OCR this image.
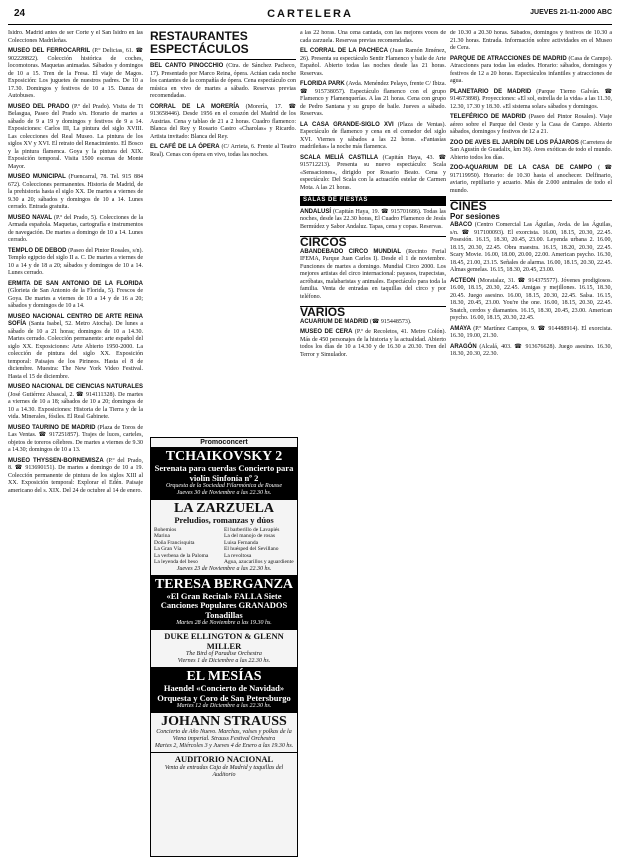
24	CARTELERA	JUEVES 21-11-2000 ABC
Isidro. Madrid antes de ser Corte y el San Isidro en las Colecciones Madrileñas.
MUSEO DEL FERROCARRIL (P.º Delicias, 61. ☎ 902228822). Colección histórica de coches, locomotoras. Maquetas animadas. Sábados y domingos de 10 a 15. Tren de la Fresa. El viaje de Magos. Exposición: Los juguetes de nuestros padres. De 10 a 17.30. Domingos y festivos de 10 a 15. Danza de Autobuses.
MUSEO DEL PRADO (P.º del Prado). Visita de Tt Belasgua, Paseo del Prado s/n. Horario de martes a sábado de 9 a 19 y domingos y festivos de 9 a 14. Exposiciones: Carlos III, La pintura del siglo XVIII. Las colecciones del Real Museo. La pintura de los siglos XV y XVI. El retrato del Renacimiento. El Bosco y la pintura flamenca. Goya y la pintura del XIX. Exposición temporal. Visita 1500 escenas de Monte Mayor.
MUSEO MUNICIPAL (Fuencarral, 78. Tel. 915 884 672). Colecciones permanentes. Historia de Madrid, de la prehistoria hasta el siglo XX. De martes a viernes de 9.30 a 20; sábados y domingos de 10 a 14. Lunes cerrado. Entrada gratuita.
MUSEO NAVAL (P.º del Prado, 5). Colecciones de la Armada española. Maquetas, cartografía e instrumentos de navegación. De martes a domingo de 10 a 14. Lunes cerrado.
TEMPLO DE DEBOD (Paseo del Pintor Rosales, s/n). Templo egipcio del siglo II a. C. De martes a viernes de 10 a 14 y de 18 a 20; sábados y domingos de 10 a 14. Lunes cerrado.
ERMITA DE SAN ANTONIO DE LA FLORIDA (Glorieta de San Antonio de la Florida, 5). Frescos de Goya. De martes a viernes de 10 a 14 y de 16 a 20; sábados y domingos de 10 a 14.
MUSEO NACIONAL CENTRO DE ARTE REINA SOFÍA (Santa Isabel, 52. Metro Atocha). De lunes a sábado de 10 a 21 horas; domingos de 10 a 14.30. Martes cerrado. Colección permanente: arte español del siglo XX. Exposiciones: Arte Abierto 1950-2000. La colección de pintura del siglo XX. Exposición temporal: Paisajes de los Pirineos. Hasta el 8 de diciembre. Muestra: The New York Video Festival. Hasta el 15 de diciembre.
MUSEO NACIONAL DE CIENCIAS NATURALES (José Gutiérrez Abascal, 2. ☎ 914111328). De martes a viernes de 10 a 18; sábados de 10 a 20; domingos de 10 a 14.30. Exposiciones: Historia de la Tierra y de la vida. Minerales, fósiles. El Real Gabinete.
MUSEO TAURINO DE MADRID (Plaza de Toros de Las Ventas. ☎ 917251857). Trajes de luces, carteles, objetos de toreros célebres. De martes a viernes de 9.30 a 14.30; domingos de 10 a 13.
MUSEO THYSSEN-BORNEMISZA (P.º del Prado, 8. ☎ 913690151). De martes a domingo de 10 a 19. Colección permanente de pintura de los siglos XIII al XX. Exposición temporal: Explorar el Edén. Paisaje americano del s. XIX. Del 24 de octubre al 14 de enero.
RESTAURANTES
ESPECTÁCULOS
BEL CANTO PINOCCHIO (Ctra. de Sánchez Pacheco, 17). Presentado por Marco Reina, ópera. Actúan cada noche los cantantes de la compañía de ópera. Cena espectáculo con música en vivo de martes a sábado. Reservas previas recomendadas.
CORRAL DE LA MORERÍA (Morería, 17. ☎ 913658446). Desde 1956 en el corazón del Madrid de los Austrias. Cena y tablao de 21 a 2 horas. Cuadro flamenco: Blanca del Rey y Rosario Castro «Charolas» y Ricardo. Artista invitado: Blanca del Rey.
EL CAFÉ DE LA ÓPERA (C/ Arrieta, 6. Frente al Teatro Real). Cenas con ópera en vivo, todas las noches.
Promoconcert
TCHAIKOVSKY 2
Serenata para cuerdas Concierto para violín Sinfonía nº 2
Orquesta de la Sociedad Filarmónica de Rousse
Jueves 30 de Noviembre a las 22.30 hs.
LA ZARZUELA
Preludios, romanzas y dúos
Bohemios	El barberillo de Lavapiés
Marina	La del manojo de rosas
Doña Francisquita	Luisa Fernanda
La Gran Vía	El huésped del Sevillano
La verbena de la Paloma	La revoltosa
La leyenda del beso	Agua, azucarillos y aguardiente
Jueves 23 de Noviembre a las 22.30 hs.
TERESA BERGANZA
«El Gran Recital» FALLA Siete Canciones Populares GRANADOS Tonadillas
Martes 28 de Noviembre a las 19.30 hs.
DUKE ELLINGTON & GLENN MILLER
The Bird of Paradise Orchestra
Viernes 1 de Diciembre a las 22.30 hs.
EL MESÍAS
Haendel «Concierto de Navidad» Orquesta y Coro de San Petersburgo
Martes 12 de Diciembre a las 22.30 hs.
JOHANN STRAUSS
Concierto de Año Nuevo. Marchas, valses y polkas de la Viena imperial. Strauss Festival Orchestra
Martes 2, Miércoles 3 y Jueves 4 de Enero a las 19.30 hs.
AUDITORIO NACIONAL
Venta de entradas Caja de Madrid y taquillas del Auditorio
a las 22 horas. Una cena cantada, con las mejores voces de cada zarzuela. Reservas previas recomendadas.
EL CORRAL DE LA PACHECA (Juan Ramón Jiménez, 26). Presenta su espectáculo Sentir Flamenco y baile de Arte Español. Abierto todas las noches desde las 21 horas. Reservas.
FLORIDA PARK (Avda. Menéndez Pelayo, frente C/ Ibiza. ☎ 915738057). Espectáculo flamenco con el grupo Flamenco y Flamenquerías. A las 21 horas. Cena con grupo de Pedro Santana y su grupo de baile. Jueves a sábado. Reservas.
LA CASA GRANDE-SIGLO XVI (Plaza de Ventas). Espectáculo de flamenco y cena en el comedor del siglo XVI. Viernes y sábados a las 22 horas. «Fantasías madrileñas» la noche más flamenca.
SCALA MELIÁ CASTILLA (Capitán Haya, 43. ☎ 915712213). Presenta su nuevo espectáculo: Scala «Sensaciones», dirigido por Rosario Beato. Cena y espectáculo: Del Scala con la actuación estelar de Carmen Mota. A las 21 horas.
SALAS DE FIESTAS
ANDALUSÍ (Capitán Haya, 19. ☎ 915701686). Todas las noches, desde las 22.30 horas, El Cuadro Flamenco de Jesús Bermúdez y Sabor Andaluz. Tapas, cena y copas. Reservas.
CIRCOS
ABANDEBADO CIRCO MUNDIAL (Recinto Ferial IFEMA, Parque Juan Carlos I). Desde el 1 de noviembre. Funciones de martes a domingo. Mundial Circo 2000. Los mejores artistas del circo internacional: payasos, trapecistas, acróbatas, malabaristas y animales. Espectáculo para toda la familia. Venta de entradas en taquillas del circo y por teléfono.
VARIOS
ACUARIUM DE MADRID (☎ 915448573).
MUSEO DE CERA (P.º de Recoletos, 41. Metro Colón). Más de 450 personajes de la historia y la actualidad. Abierto todos los días de 10 a 14.30 y de 16.30 a 20.30. Tren del Terror y Simulador.
de 10.30 a 20.30 horas. Sábados, domingos y festivos de 10.30 a 21.30 horas. Entrada. Información sobre actividades en el Museo de Cera.
PARQUE DE ATRACCIONES DE MADRID (Casa de Campo). Atracciones para todas las edades. Horario: sábados, domingos y festivos de 12 a 20 horas. Espectáculos infantiles y atracciones de agua.
PLANETARIO DE MADRID (Parque Tierno Galván. ☎ 914673898). Proyecciones: «El sol, estrella de la vida» a las 11.30, 12.30, 17.30 y 18.30. «El sistema solar» sábados y domingos.
TELEFÉRICO DE MADRID (Paseo del Pintor Rosales). Viaje aéreo sobre el Parque del Oeste y la Casa de Campo. Abierto sábados, domingos y festivos de 12 a 21.
ZOO DE AVES EL JARDÍN DE LOS PÁJAROS (Carretera de San Agustín de Guadalix, km 36). Aves exóticas de todo el mundo. Abierto todos los días.
ZOO-AQUARIUM DE LA CASA DE CAMPO (☎ 917119950). Horario: de 10.30 hasta el anochecer. Delfinario, aviario, reptiliario y acuario. Más de 2.000 animales de todo el mundo.
CINES
Por sesiones
ABACO (Centro Comercial Las Águilas, Avda. de las Águilas, s/n. ☎ 917100093). El exorcista. 16.00, 18.15, 20.30, 22.45. Posesión. 16.15, 18.30, 20.45, 23.00. Leyenda urbana 2. 16.00, 18.15, 20.30, 22.45. Obra maestra. 16.15, 18.20, 20.30, 22.45. Scary Movie. 16.00, 18.00, 20.00, 22.00. American psycho. 16.30, 18.45, 21.00, 23.15. Señales de alarma. 16.00, 18.15, 20.30, 22.45. Almas gemelas. 16.15, 18.30, 20.45, 23.00.
ACTEON (Moratalaz, 31. ☎ 914375577). Jóvenes prodigiosos. 16.00, 18.15, 20.30, 22.45. Amigas y mejillones. 16.15, 18.30, 20.45. Juego asesino. 16.00, 18.15, 20.30, 22.45. Salsa. 16.15, 18.30, 20.45, 23.00. You're the one. 16.00, 18.15, 20.30, 22.45. Snatch, cerdos y diamantes. 16.15, 18.30, 20.45, 23.00. American psycho. 16.00, 18.15, 20.30, 22.45.
AMAYA (P.º Martínez Campos, 9. ☎ 914488914). El exorcista. 16.30, 19.00, 21.30.
ARAGÓN (Alcalá, 403. ☎ 913676628). Juego asesino. 16.30, 18.30, 20.30, 22.30.
